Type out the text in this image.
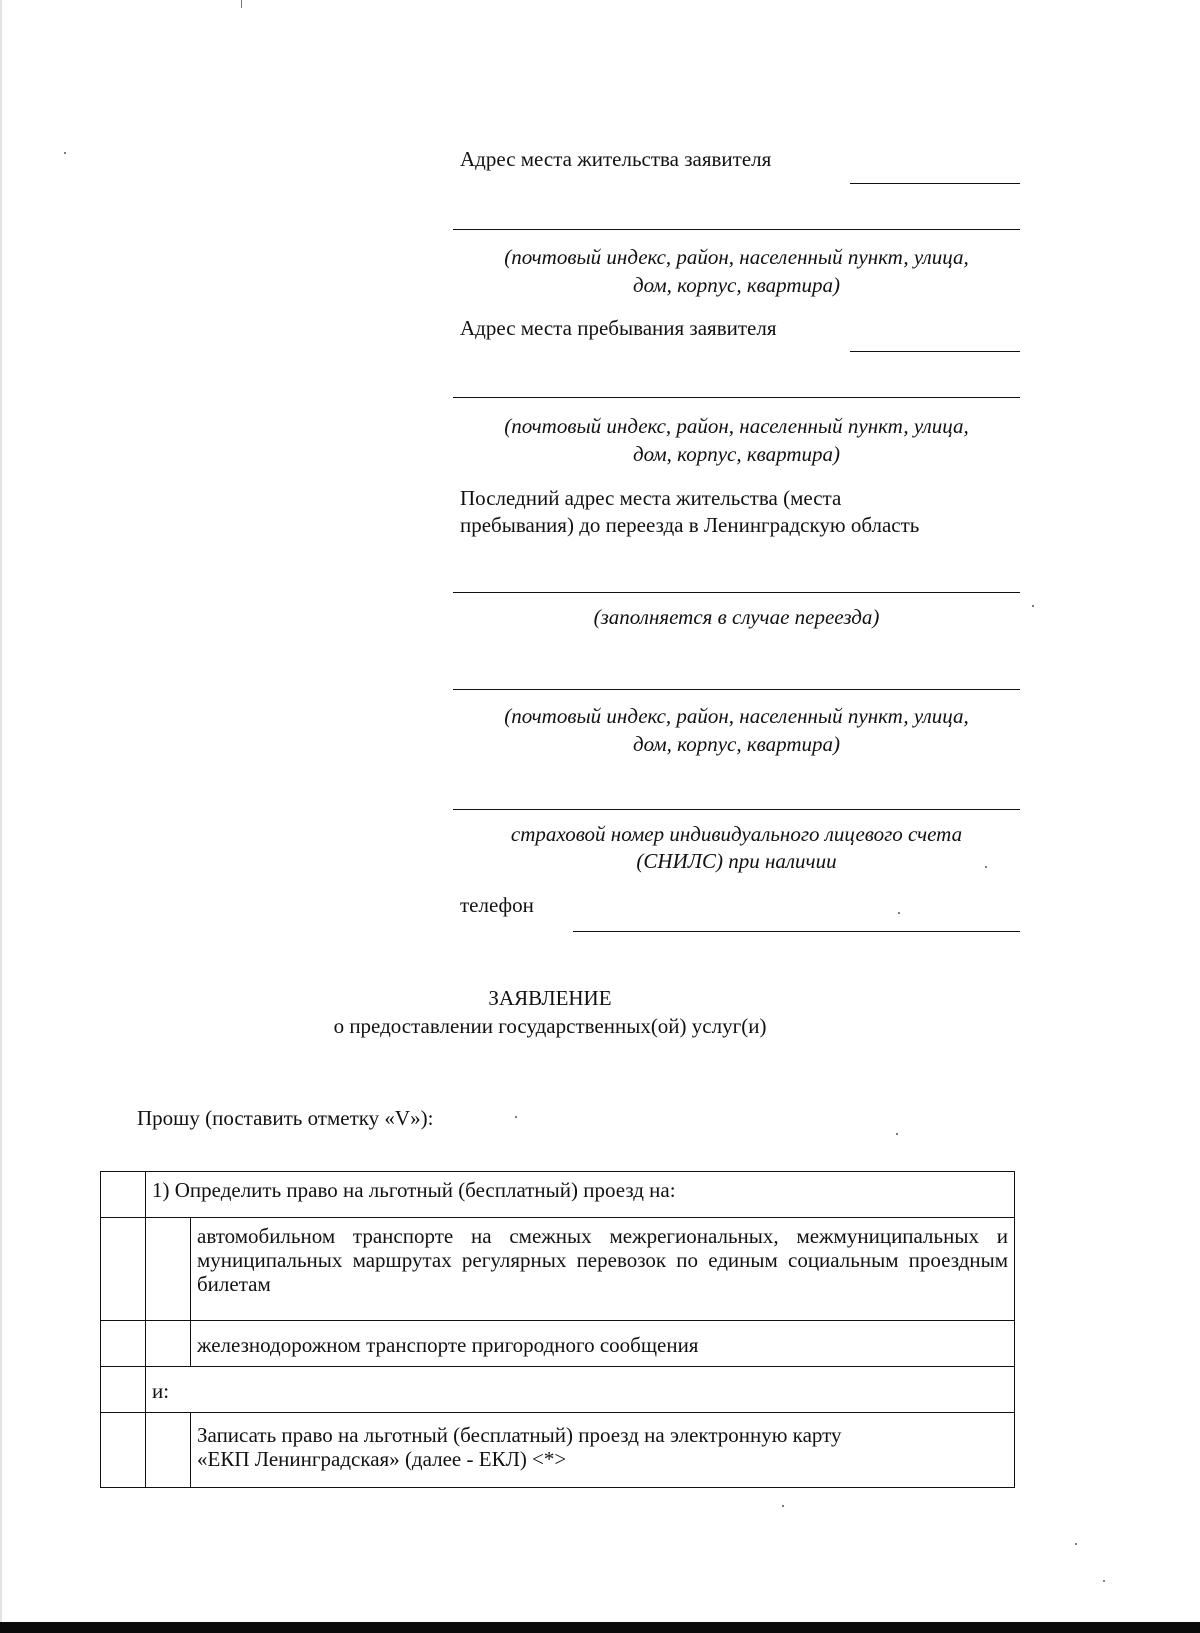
Адрес места жительства заявителя
(почтовый индекс, район, населенный пункт, улица,
дом, корпус, квартира)
Адрес места пребывания заявителя
(почтовый индекс, район, населенный пункт, улица,
дом, корпус, квартира)
Последний адрес места жительства (места
пребывания) до переезда в Ленинградскую область
(заполняется в случае переезда)
(почтовый индекс, район, населенный пункт, улица,
дом, корпус, квартира)
страховой номер индивидуального лицевого счета
(СНИЛС) при наличии
телефон
ЗАЯВЛЕНИЕ
о предоставлении государственных(ой) услуг(и)
Прошу (поставить отметку «V»):
	1) Определить право на льготный (бесплатный) проезд на:	
		автомобильном транспорте на смежных межрегиональных, межмуниципальных и муниципальных маршрутах регулярных перевозок по единым социальным проездным билетам
		железнодорожном транспорте пригородного сообщения
	и:	

		Записать право на льготный (бесплатный) проезд на электронную карту
«ЕКП Ленинградская» (далее - ЕКЛ) <*>
